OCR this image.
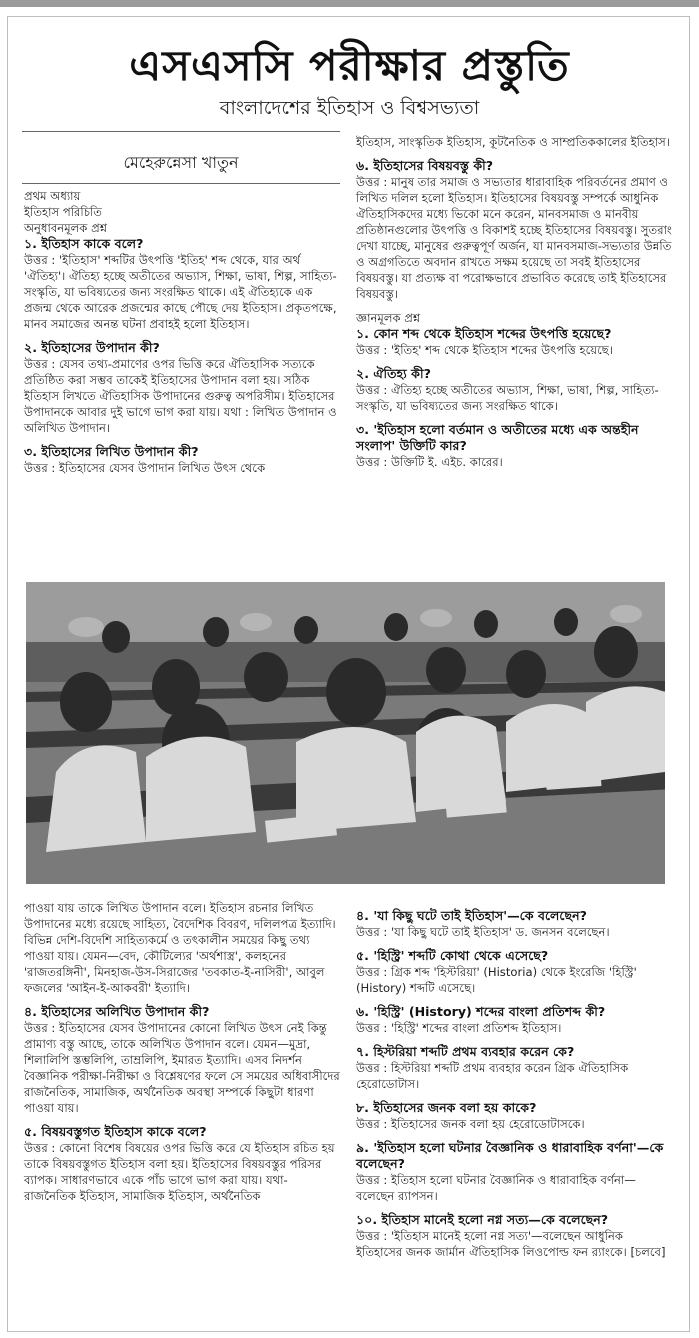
এসএসসি পরীক্ষার প্রস্তুতি
বাংলাদেশের ইতিহাস ও বিশ্বসভ্যতা
মেহেরুন্নেসা খাতুন

প্রথম অধ্যায়

ইতিহাস পরিচিতি

অনুধাবনমূলক প্রশ্ন

১. ইতিহাস কাকে বলে?

উত্তর : 'ইতিহাস' শব্দটির উৎপত্তি 'ইতিহ' শব্দ থেকে, যার অর্থ 'ঐতিহ্য'। ঐতিহ্য হচ্ছে অতীতের অভ্যাস, শিক্ষা, ভাষা, শিল্প, সাহিত্য-সংস্কৃতি, যা ভবিষ্যতের জন্য সংরক্ষিত থাকে। এই ঐতিহ্যকে এক প্রজন্ম থেকে আরেক প্রজন্মের কাছে পৌছে দেয় ইতিহাস। প্রকৃতপক্ষে, মানব সমাজের অনন্ত ঘটনা প্রবাহই হলো ইতিহাস।

২. ইতিহাসের উপাদান কী?

উত্তর : যেসব তথ্য-প্রমাণের ওপর ভিত্তি করে ঐতিহাসিক সত্যকে প্রতিষ্ঠিত করা সম্ভব তাকেই ইতিহাসের উপাদান বলা হয়। সঠিক ইতিহাস লিখতে ঐতিহাসিক উপাদানের গুরুত্ব অপরিসীম। ইতিহাসের উপাদানকে আবার দুই ভাগে ভাগ করা যায়। যথা : লিখিত উপাদান ও অলিখিত উপাদান।

৩. ইতিহাসের লিখিত উপাদান কী?

উত্তর : ইতিহাসের যেসব উপাদান লিখিত উৎস থেকে

ইতিহাস, সাংস্কৃতিক ইতিহাস, কূটনৈতিক ও সাম্প্রতিককালের ইতিহাস।

৬. ইতিহাসের বিষয়বস্তু কী?

উত্তর : মানুষ তার সমাজ ও সভ্যতার ধারাবাহিক পরিবর্তনের প্রমাণ ও লিখিত দলিল হলো ইতিহাস। ইতিহাসের বিষয়বস্তু সম্পর্কে আধুনিক ঐতিহাসিকদের মধ্যে ভিকো মনে করেন, মানবসমাজ ও মানবীয় প্রতিষ্ঠানগুলোর উৎপত্তি ও বিকাশই হচ্ছে ইতিহাসের বিষয়বস্তু। সুতরাং দেখা যাচ্ছে, মানুষের গুরুত্বপূর্ণ অর্জন, যা মানবসমাজ-সভ্যতার উন্নতি ও অগ্রগতিতে অবদান রাখতে সক্ষম হয়েছে তা সবই ইতিহাসের বিষয়বস্তু। যা প্রত্যক্ষ বা পরোক্ষভাবে প্রভাবিত করেছে তাই ইতিহাসের বিষয়বস্তু।

জ্ঞানমূলক প্রশ্ন

১. কোন শব্দ থেকে ইতিহাস শব্দের উৎপত্তি হয়েছে?

উত্তর : 'ইতিহ' শব্দ থেকে ইতিহাস শব্দের উৎপত্তি হয়েছে।

২. ঐতিহ্য কী?

উত্তর : ঐতিহ্য হচ্ছে অতীতের অভ্যাস, শিক্ষা, ভাষা, শিল্প, সাহিত্য-সংস্কৃতি, যা ভবিষ্যতের জন্য সংরক্ষিত থাকে।

৩. 'ইতিহাস হলো বর্তমান ও অতীতের মধ্যে এক অন্তহীন সংলাপ' উক্তিটি কার?

উত্তর : উক্তিটি ই. এইচ. কারের।

পাওয়া যায় তাকে লিখিত উপাদান বলে। ইতিহাস রচনার লিখিত উপাদানের মধ্যে রয়েছে সাহিত্য, বৈদেশিক বিবরণ, দলিলপত্র ইত্যাদি। বিভিন্ন দেশি-বিদেশি সাহিত্যকর্মে ও তৎকালীন সময়ের কিছু তথ্য পাওয়া যায়। যেমন—বেদ, কৌটিল্যের 'অর্থশাস্ত্র', কলহনের 'রাজতরঙ্গিনী', মিনহাজ-উস-সিরাজের 'তবকাত-ই-নাসিরী', আবুল ফজলের 'আইন-ই-আকবরী' ইত্যাদি।

৪. ইতিহাসের অলিখিত উপাদান কী?

উত্তর : ইতিহাসের যেসব উপাদানের কোনো লিখিত উৎস নেই কিন্তু প্রামাণ্য বস্তু আছে, তাকে অলিখিত উপাদান বলে। যেমন—মুদ্রা, শিলালিপি স্তম্ভলিপি, তাম্রলিপি, ইমারত ইত্যাদি। এসব নিদর্শন বৈজ্ঞানিক পরীক্ষা-নিরীক্ষা ও বিশ্লেষণের ফলে সে সময়ের অধিবাসীদের রাজনৈতিক, সামাজিক, অর্থনৈতিক অবস্থা সম্পর্কে কিছুটা ধারণা পাওয়া যায়।

৫. বিষয়বস্তুগত ইতিহাস কাকে বলে?

উত্তর : কোনো বিশেষ বিষয়ের ওপর ভিত্তি করে যে ইতিহাস রচিত হয় তাকে বিষয়বস্তুগত ইতিহাস বলা হয়। ইতিহাসের বিষয়বস্তুর পরিসর ব্যাপক। সাধারণভাবে একে পাঁচ ভাগে ভাগ করা যায়। যথা- রাজনৈতিক ইতিহাস, সামাজিক ইতিহাস, অর্থনৈতিক

৪. 'যা কিছু ঘটে তাই ইতিহাস'—কে বলেছেন?

উত্তর : 'যা কিছু ঘটে তাই ইতিহাস' ড. জনসন বলেছেন।

৫. 'হিস্ট্রি' শব্দটি কোথা থেকে এসেছে?

উত্তর : গ্রিক শব্দ 'হিস্টরিয়া' (Historia) থেকে ইংরেজি 'হিস্ট্রি' (History) শব্দটি এসেছে।

৬. 'হিস্ট্রি' (History) শব্দের বাংলা প্রতিশব্দ কী?

উত্তর : 'হিস্ট্রি' শব্দের বাংলা প্রতিশব্দ ইতিহাস।

৭. হিস্টরিয়া শব্দটি প্রথম ব্যবহার করেন কে?

উত্তর : হিস্টরিয়া শব্দটি প্রথম ব্যবহার করেন গ্রিক ঐতিহাসিক হেরোডোটাস।

৮. ইতিহাসের জনক বলা হয় কাকে?

উত্তর : ইতিহাসের জনক বলা হয় হেরোডোটাসকে।

৯. 'ইতিহাস হলো ঘটনার বৈজ্ঞানিক ও ধারাবাহিক বর্ণনা'—কে বলেছেন?

উত্তর : ইতিহাস হলো ঘটনার বৈজ্ঞানিক ও ধারাবাহিক বর্ণনা—বলেছেন র‍্যাপসন।

১০. ইতিহাস মানেই হলো নগ্ন সত্য—কে বলেছেন?

উত্তর : 'ইতিহাস মানেই হলো নগ্ন সত্য'—বলেছেন আধুনিক ইতিহাসের জনক জার্মান ঐতিহাসিক লিওপোল্ড ফন র‍্যাংকে। [চলবে]
